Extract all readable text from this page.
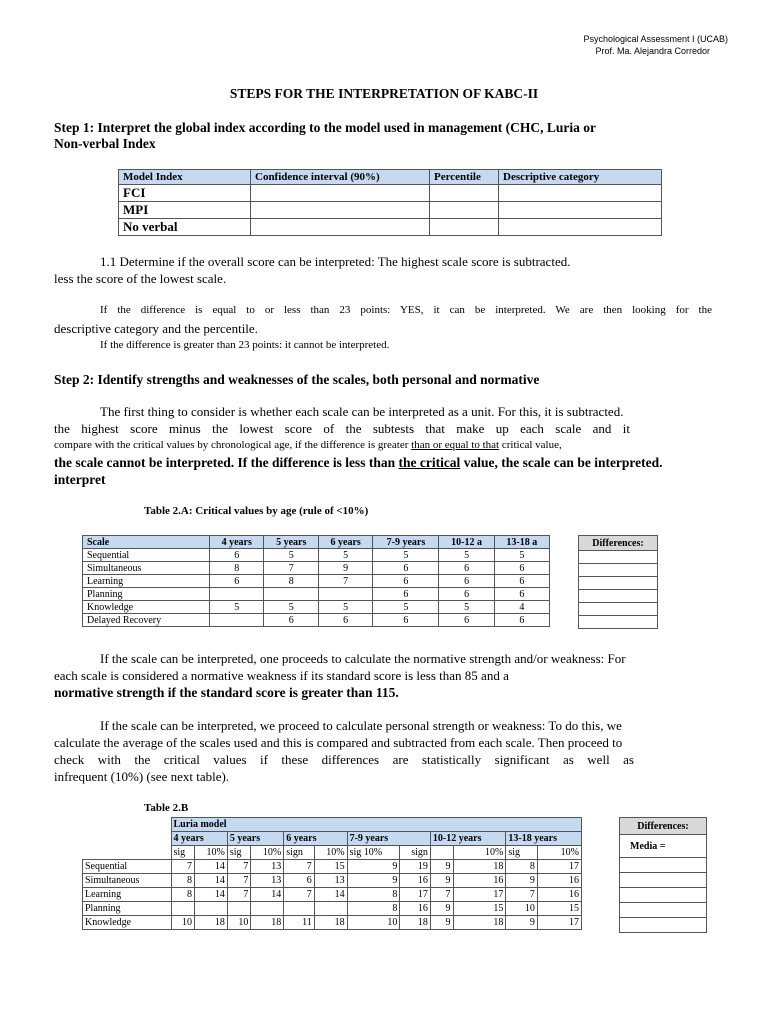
Psychological Assessment I (UCAB)
Prof. Ma. Alejandra Corredor
STEPS FOR THE INTERPRETATION OF KABC-II
Step 1: Interpret the global index according to the model used in management (CHC, Luria or
Non-verbal Index
Model Index	Confidence interval (90%)	Percentile	Descriptive category
FCI			
MPI			
No verbal			
1.1 Determine if the overall score can be interpreted: The highest scale score is subtracted.
less the score of the lowest scale.
If the difference is equal to or less than 23 points: YES, it can be interpreted. We are then looking for the
descriptive category and the percentile.
If the difference is greater than 23 points: it cannot be interpreted.
Step 2: Identify strengths and weaknesses of the scales, both personal and normative
The first thing to consider is whether each scale can be interpreted as a unit. For this, it is subtracted.
the highest score minus the lowest score of the subtests that make up each scale and it
compare with the critical values by chronological age, if the difference is greater than or equal to that critical value,
the scale cannot be interpreted. If the difference is less than the critical value, the scale can be interpreted.
interpret
Table 2.A: Critical values by age (rule of <10%)
Scale	4 years	5 years	6 years	7-9 years	10-12 a	13-18 a
Sequential	6	5	5	5	5	5
Simultaneous	8	7	9	6	6	6
Learning	6	8	7	6	6	6
Planning				6	6	6
Knowledge	5	5	5	5	5	4
Delayed Recovery		6	6	6	6	6
Differences:

If the scale can be interpreted, one proceeds to calculate the normative strength and/or weakness: For
each scale is considered a normative weakness if its standard score is less than 85 and a
normative strength if the standard score is greater than 115.
If the scale can be interpreted, we proceed to calculate personal strength or weakness: To do this, we
calculate the average of the scales used and this is compared and subtracted from each scale. Then proceed to
check with the critical values if these differences are statistically significant as well as
infrequent (10%) (see next table).
Table 2.B
	Luria model											
	4 years		5 years		6 years		7-9 years		10-12 years		13-18 years	
	sig	10%	sig	10%	sign	10%	sig 10%	sign		10%	sig	10%
Sequential	7	14	7	13	7	15	9	19	9	18	8	17
Simultaneous	8	14	7	13	6	13	9	16	9	16	9	16
Learning	8	14	7	14	7	14	8	17	7	17	7	16
Planning							8	16	9	15	10	15
Knowledge	10	18	10	18	11	18	10	18	9	18	9	17
Differences:
Media =
